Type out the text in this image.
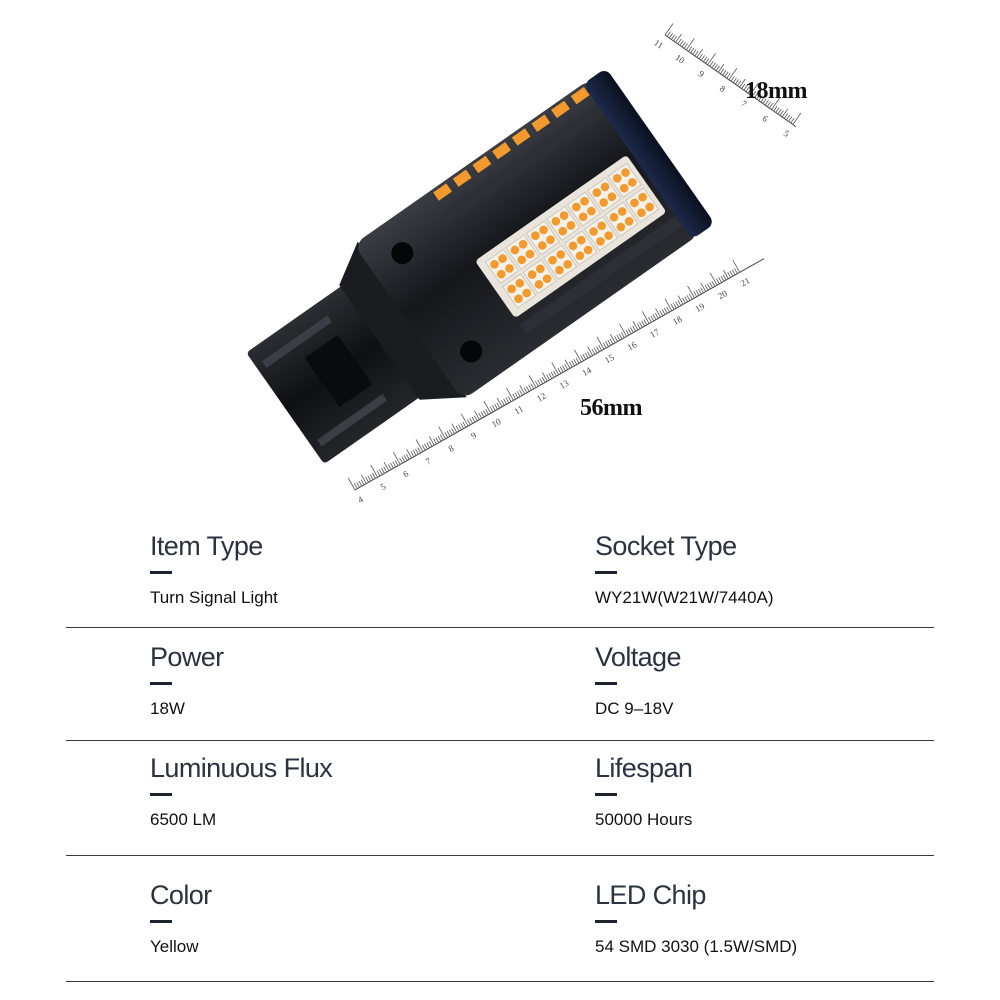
4
5
6
7
8
9
10
11
12
13
14
15
16
17
18
19
20
21
11
10
9
8
7
6
5
18mm
56mm
Item Type
Turn Signal Light
Socket Type
WY21W(W21W/7440A)
Power
18W
Voltage
DC 9–18V
Luminuous Flux
6500 LM
Lifespan
50000 Hours
Color
Yellow
LED Chip
54 SMD 3030 (1.5W/SMD)
